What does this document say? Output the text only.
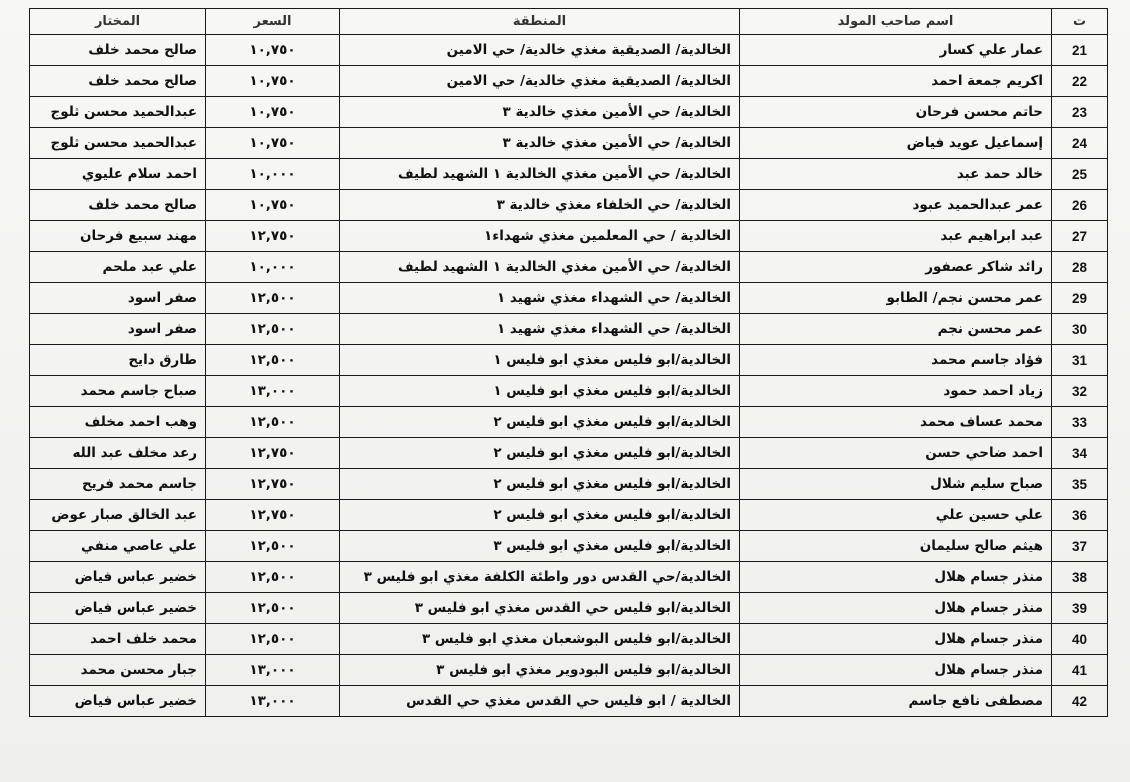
ت	اسم صاحب المولد	المنطقة	السعر	المختار
21	عمار علي كسار	الخالدية/ الصديقية مغذي خالدية/ حي الامين	١٠,٧٥٠	صالح محمد خلف
22	اكريم جمعة احمد	الخالدية/ الصديقية مغذي خالدية/ حي الامين	١٠,٧٥٠	صالح محمد خلف
23	حاتم محسن فرحان	الخالدية/ حي الأمين مغذي خالدية ٣	١٠,٧٥٠	عبدالحميد محسن ثلوج
24	إسماعيل عويد فياض	الخالدية/ حي الأمين مغذي خالدية ٣	١٠,٧٥٠	عبدالحميد محسن ثلوج
25	خالد حمد عبد	الخالدية/ حي الأمين مغذي الخالدية ١ الشهيد لطيف	١٠,٠٠٠	احمد سلام عليوي
26	عمر عبدالحميد عبود	الخالدية/ حي الخلفاء مغذي خالدية ٣	١٠,٧٥٠	صالح محمد خلف
27	عبد ابراهيم عبد	الخالدية / حي المعلمين مغذي شهداء١	١٢,٧٥٠	مهند سبيع فرحان
28	رائد شاكر عصفور	الخالدية/ حي الأمين مغذي الخالدية ١ الشهيد لطيف	١٠,٠٠٠	علي عبد ملحم
29	عمر محسن نجم/ الطابو	الخالدية/ حي الشهداء مغذي شهيد ١	١٢,٥٠٠	صفر اسود
30	عمر محسن نجم	الخالدية/ حي الشهداء مغذي شهيد ١	١٢,٥٠٠	صفر اسود
31	فؤاد جاسم محمد	الخالدية/ابو فليس مغذي ابو فليس ١	١٢,٥٠٠	طارق دايح
32	زياد احمد حمود	الخالدية/ابو فليس مغذي ابو فليس ١	١٣,٠٠٠	صباح جاسم محمد
33	محمد عساف محمد	الخالدية/ابو فليس مغذي ابو فليس ٢	١٢,٥٠٠	وهب احمد مخلف
34	احمد ضاحي حسن	الخالدية/ابو فليس مغذي ابو فليس ٢	١٢,٧٥٠	رعد مخلف عبد الله
35	صباح سليم شلال	الخالدية/ابو فليس مغذي ابو فليس ٢	١٢,٧٥٠	جاسم محمد فريح
36	علي حسين علي	الخالدية/ابو فليس مغذي ابو فليس ٢	١٢,٧٥٠	عبد الخالق صبار عوض
37	هيثم صالح سليمان	الخالدية/ابو فليس مغذي ابو فليس ٣	١٢,٥٠٠	علي عاصي منفي
38	منذر جسام هلال	الخالدية/حي القدس دور واطئة الكلفة مغذي ابو فليس ٣	١٢,٥٠٠	خضير عباس فياض
39	منذر جسام هلال	الخالدية/ابو فليس حي القدس مغذي ابو فليس ٣	١٢,٥٠٠	خضير عباس فياض
40	منذر جسام هلال	الخالدية/ابو فليس البوشعبان مغذي ابو فليس ٣	١٢,٥٠٠	محمد خلف احمد
41	منذر جسام هلال	الخالدية/ابو فليس البودوير مغذي ابو فليس ٣	١٣,٠٠٠	جبار محسن محمد
42	مصطفى نافع جاسم	الخالدية / ابو فليس حي القدس مغذي حي القدس	١٣,٠٠٠	خضير عباس فياض
